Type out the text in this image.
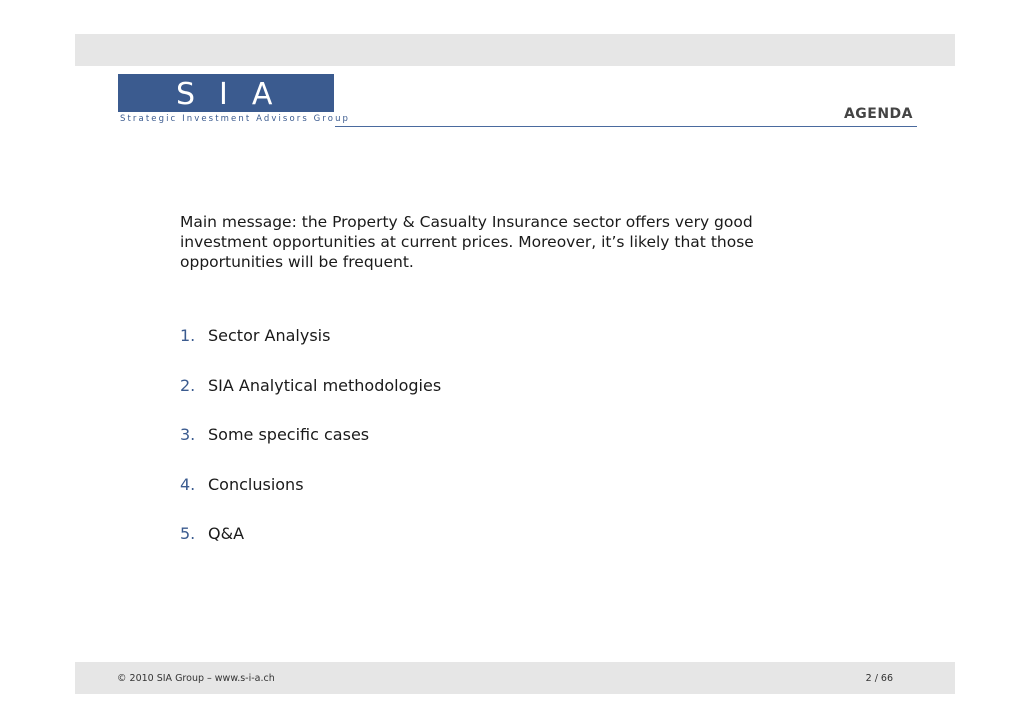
SIA
Strategic Investment Advisors Group	AGENDA
Main message: the Property & Casualty Insurance sector offers very good investment opportunities at current prices. Moreover, it’s likely that those opportunities will be frequent.
1. Sector Analysis
2. SIA Analytical methodologies
3. Some specific cases
4. Conclusions
5. Q&A
© 2010 SIA Group – www.s-i-a.ch	2 / 66
